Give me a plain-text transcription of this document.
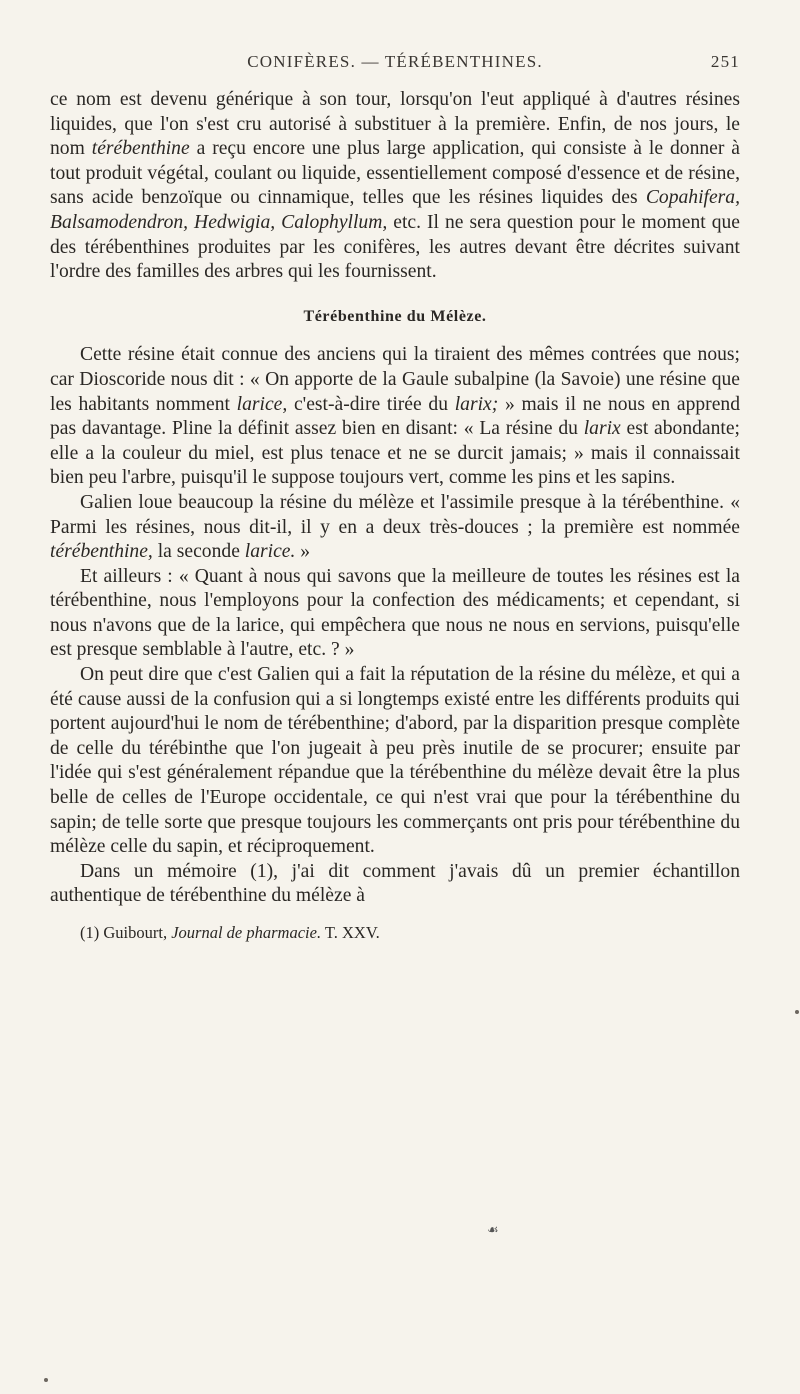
CONIFÈRES. — TÉRÉBENTHINES.	251

ce nom est devenu générique à son tour, lorsqu'on l'eut appliqué à d'autres résines liquides, que l'on s'est cru autorisé à substituer à la première. Enfin, de nos jours, le nom térébenthine a reçu encore une plus large application, qui consiste à le donner à tout produit végétal, coulant ou liquide, essentiellement composé d'essence et de résine, sans acide benzoïque ou cinnamique, telles que les résines liquides des Copahifera, Balsamodendron, Hedwigia, Calophyllum, etc. Il ne sera question pour le moment que des térébenthines produites par les conifères, les autres devant être décrites suivant l'ordre des familles des arbres qui les fournissent.

Térébenthine du Mélèze.

Cette résine était connue des anciens qui la tiraient des mêmes contrées que nous; car Dioscoride nous dit : « On apporte de la Gaule subalpine (la Savoie) une résine que les habitants nomment larice, c'est-à-dire tirée du larix; » mais il ne nous en apprend pas davantage. Pline la définit assez bien en disant: « La résine du larix est abondante; elle a la couleur du miel, est plus tenace et ne se durcit jamais; » mais il connaissait bien peu l'arbre, puisqu'il le suppose toujours vert, comme les pins et les sapins.

Galien loue beaucoup la résine du mélèze et l'assimile presque à la térébenthine. « Parmi les résines, nous dit-il, il y en a deux très-douces ; la première est nommée térébenthine, la seconde larice. »

Et ailleurs : « Quant à nous qui savons que la meilleure de toutes les résines est la térébenthine, nous l'employons pour la confection des médicaments; et cependant, si nous n'avons que de la larice, qui empêchera que nous ne nous en servions, puisqu'elle est presque semblable à l'autre, etc. ? »

On peut dire que c'est Galien qui a fait la réputation de la résine du mélèze, et qui a été cause aussi de la confusion qui a si longtemps existé entre les différents produits qui portent aujourd'hui le nom de térébenthine; d'abord, par la disparition presque complète de celle du térébinthe que l'on jugeait à peu près inutile de se procurer; ensuite par l'idée qui s'est généralement répandue que la térébenthine du mélèze devait être la plus belle de celles de l'Europe occidentale, ce qui n'est vrai que pour la térébenthine du sapin; de telle sorte que presque toujours les commerçants ont pris pour térébenthine du mélèze celle du sapin, et réciproquement.

Dans un mémoire (1), j'ai dit comment j'avais dû un premier échantillon authentique de térébenthine du mélèze à

(1) Guibourt, Journal de pharmacie. T. XXV.
☙
